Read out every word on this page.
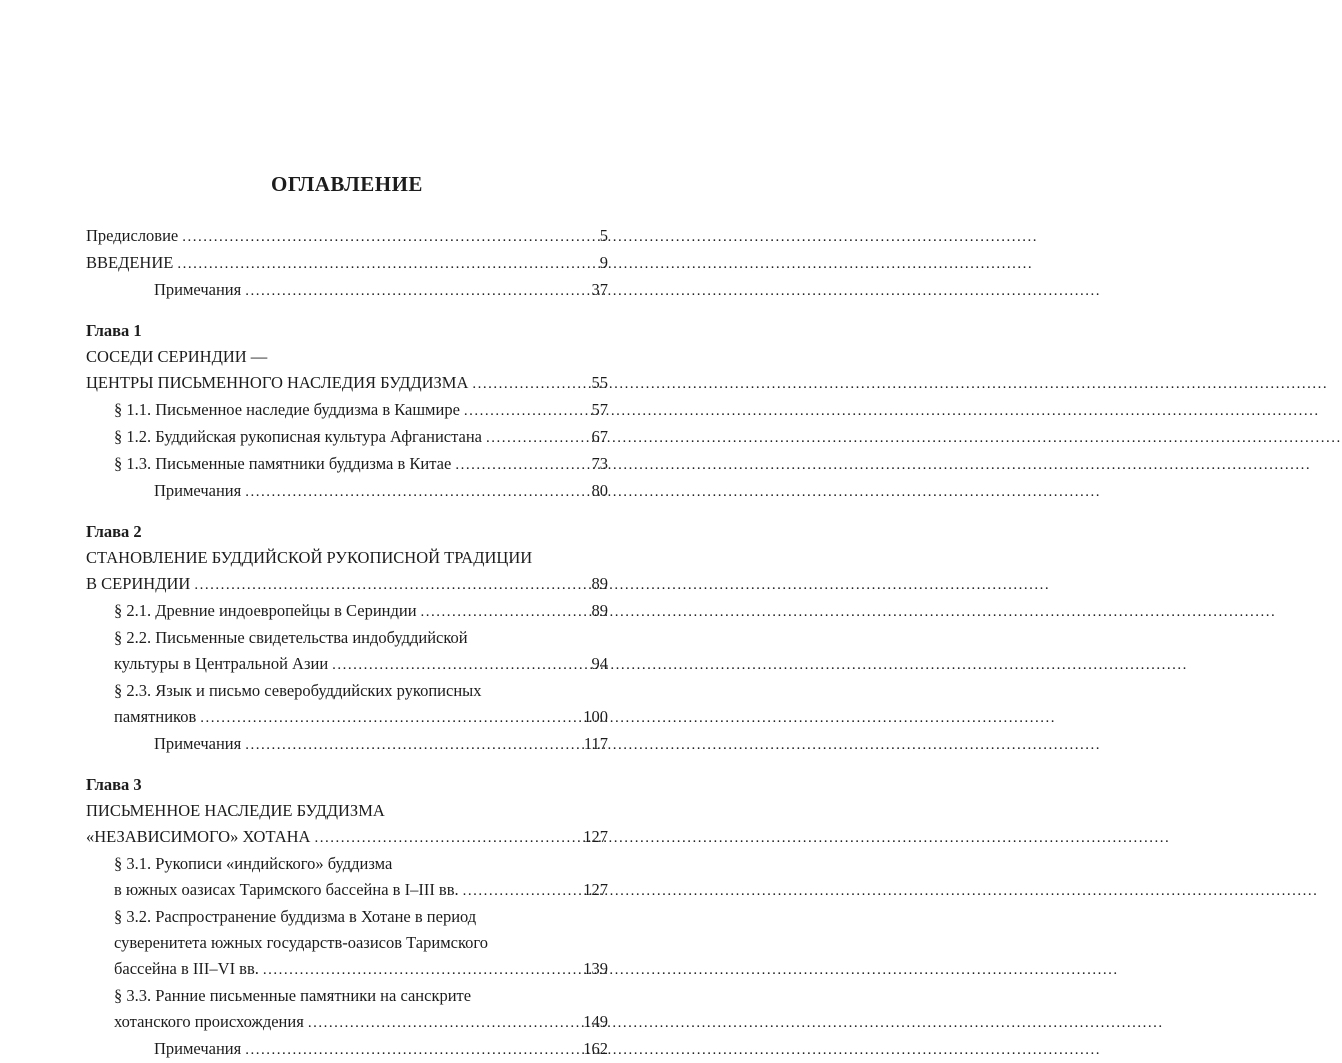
ОГЛАВЛЕНИЕ
Предисловие .....	5
ВВЕДЕНИЕ .....	9
Примечания .....	37
Глава 1
СОСЕДИ СЕРИНДИИ —
ЦЕНТРЫ ПИСЬМЕННОГО НАСЛЕДИЯ БУДДИЗМА .....	55
§ 1.1. Письменное наследие буддизма в Кашмире .....	57
§ 1.2. Буддийская рукописная культура Афганистана .....	67
§ 1.3. Письменные памятники буддизма в Китае .....	73
Примечания .....	80
Глава 2
СТАНОВЛЕНИЕ БУДДИЙСКОЙ РУКОПИСНОЙ ТРАДИЦИИ
В СЕРИНДИИ .....	89
§ 2.1. Древние индоевропейцы в Сериндии .....	89
§ 2.2. Письменные свидетельства индобуддийской
культуры в Центральной Азии .....	94
§ 2.3. Язык и письмо северобуддийских рукописных
памятников .....	100
Примечания .....	117
Глава 3
ПИСЬМЕННОЕ НАСЛЕДИЕ БУДДИЗМА
«НЕЗАВИСИМОГО» ХОТАНА .....	127
§ 3.1. Рукописи «индийского» буддизма
в южных оазисах Таримского бассейна в I–III вв. .....	127
§ 3.2. Распространение буддизма в Хотане в период
суверенитета южных государств-оазисов Таримского
бассейна в III–VI вв. .....	139
§ 3.3. Ранние письменные памятники на санскрите
хотанского происхождения .....	149
Примечания .....	162
